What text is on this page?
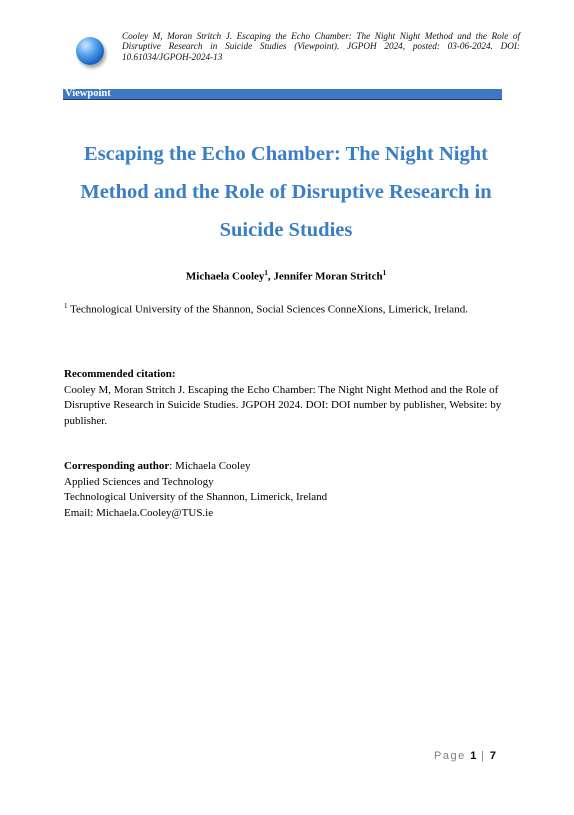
Cooley M, Moran Stritch J. Escaping the Echo Chamber: The Night Night Method and the Role of Disruptive Research in Suicide Studies (Viewpoint). JGPOH 2024, posted: 03-06-2024. DOI: 10.61034/JGPOH-2024-13
Viewpoint
Escaping the Echo Chamber: The Night Night
Method and the Role of Disruptive Research in
Suicide Studies
Michaela Cooley$^1$, Jennifer Moran Stritch$^1$
$^1$ Technological University of the Shannon, Social Sciences ConneXions, Limerick, Ireland.
Recommended citation:
Cooley M, Moran Stritch J. Escaping the Echo Chamber: The Night Night Method and the Role of Disruptive Research in Suicide Studies. JGPOH 2024. DOI: DOI number by publisher, Website: by publisher.
Corresponding author: Michaela Cooley
Applied Sciences and Technology
Technological University of the Shannon, Limerick, Ireland
Email: Michaela.Cooley@TUS.ie
Page 1 | 7
